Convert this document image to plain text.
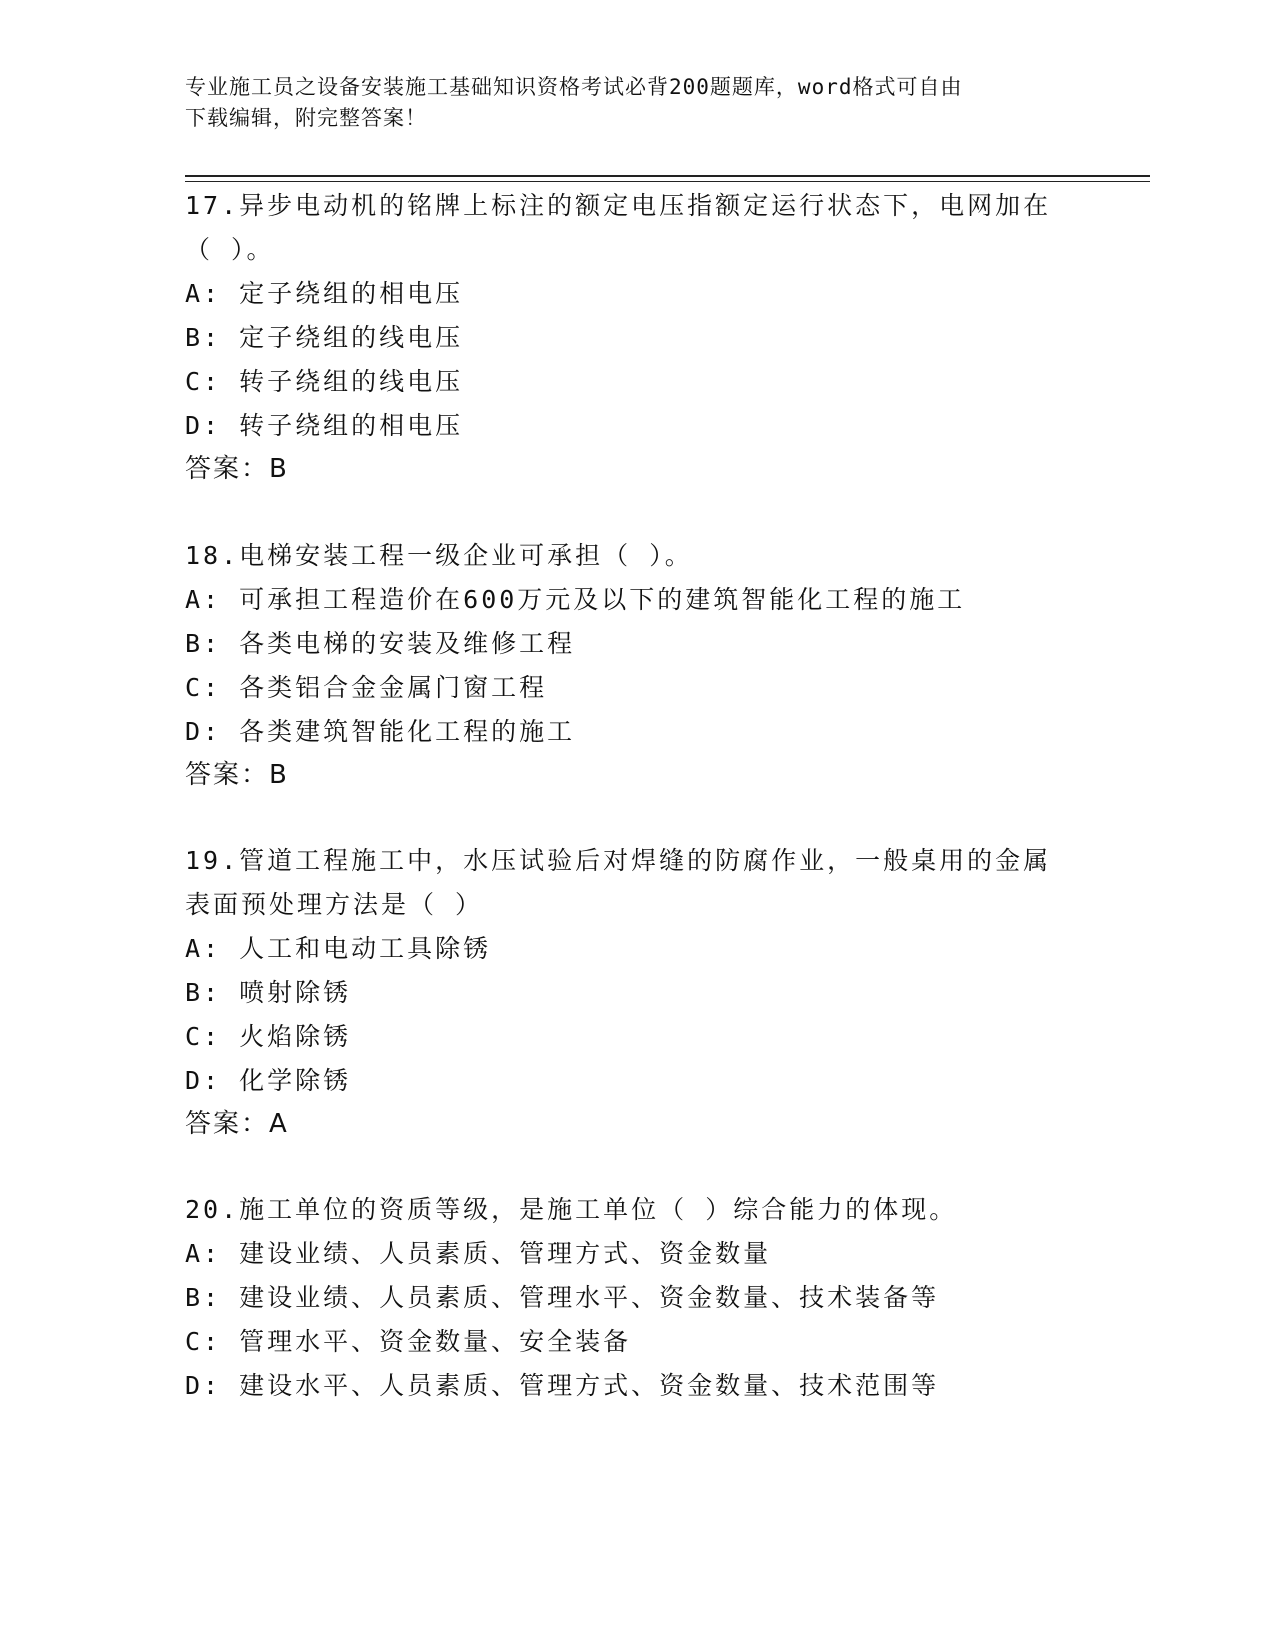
专业施工员之设备安装施工基础知识资格考试必背200题题库，word格式可自由
下载编辑，附完整答案！
17.异步电动机的铭牌上标注的额定电压指额定运行状态下，电网加在
（ ）。
A: 定子绕组的相电压
B: 定子绕组的线电压
C: 转子绕组的线电压
D: 转子绕组的相电压
答案：B
18.电梯安装工程一级企业可承担（ ）。
A: 可承担工程造价在600万元及以下的建筑智能化工程的施工
B: 各类电梯的安装及维修工程
C: 各类铝合金金属门窗工程
D: 各类建筑智能化工程的施工
答案：B
19.管道工程施工中，水压试验后对焊缝的防腐作业，一般桌用的金属
表面预处理方法是（ ）
A: 人工和电动工具除锈
B: 喷射除锈
C: 火焰除锈
D: 化学除锈
答案：A
20.施工单位的资质等级，是施工单位（ ）综合能力的体现。
A: 建设业绩、人员素质、管理方式、资金数量
B: 建设业绩、人员素质、管理水平、资金数量、技术装备等
C: 管理水平、资金数量、安全装备
D: 建设水平、人员素质、管理方式、资金数量、技术范围等
